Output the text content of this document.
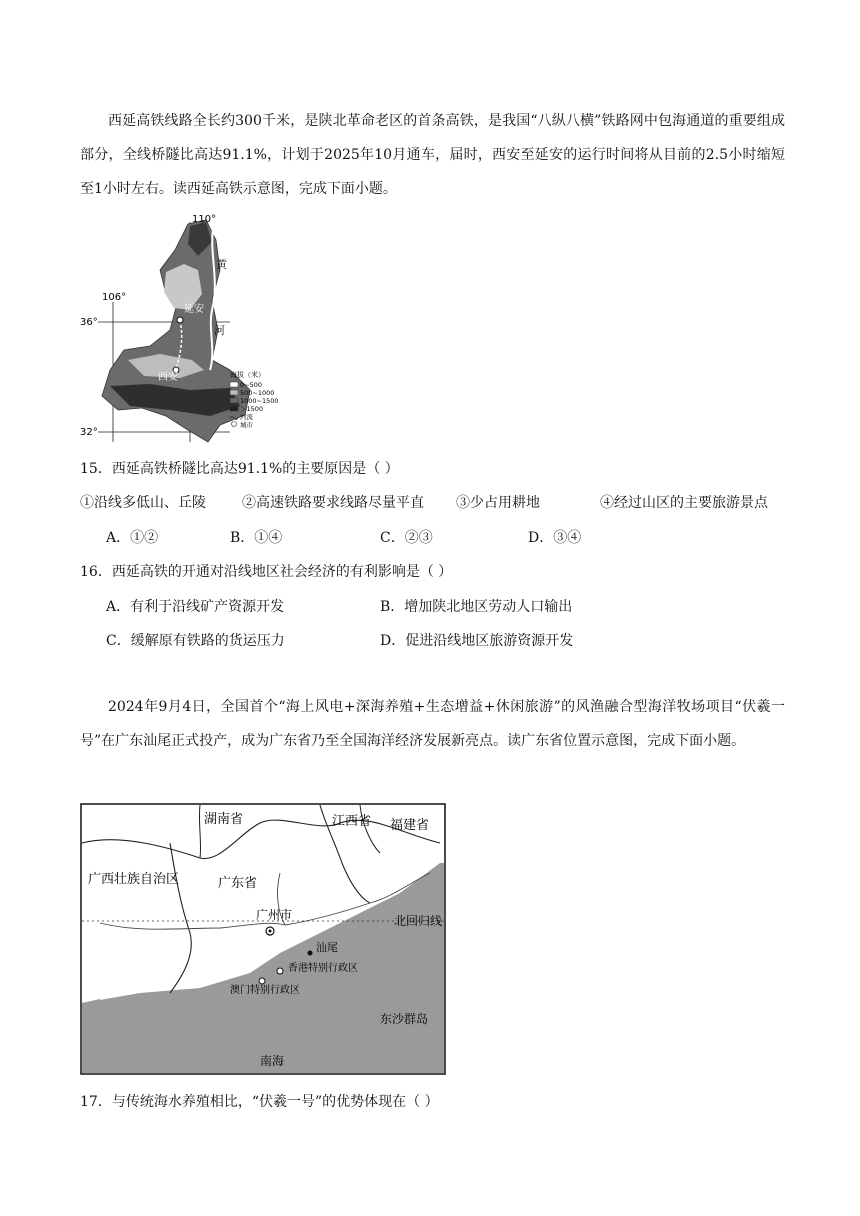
西延高铁线路全长约300千米，是陕北革命老区的首条高铁，是我国“八纵八横”铁路网中包海通道的重要组成部分，全线桥隧比高达91.1%，计划于2025年10月通车，届时，西安至延安的运行时间将从目前的2.5小时缩短至1小时左右。读西延高铁示意图，完成下面小题。

110°
106°
36°
32°
黄
河
延安
西安	海拔（米）
0~500
500~1000
1000~1500
＞1500
河流
城市

15．西延高铁桥隧比高达91.1%的主要原因是（ ）

①沿线多低山、丘陵	②高速铁路要求线路尽量平直 ③少占用耕地	④经过山区的主要旅游景点

A．①②	B．①④	C．②③	D．③④

16．西延高铁的开通对沿线地区社会经济的有利影响是（ ）

A．有利于沿线矿产资源开发	B．增加陕北地区劳动人口输出

C．缓解原有铁路的货运压力	D．促进沿线地区旅游资源开发

2024年9月4日，全国首个“海上风电+深海养殖+生态增益+休闲旅游”的风渔融合型海洋牧场项目“伏羲一号”在广东汕尾正式投产，成为广东省乃至全国海洋经济发展新亮点。读广东省位置示意图，完成下面小题。

湖南省	江西省 福建省
广西壮族自治区	广东省
广州市
汕尾
香港特别行政区
澳门特别行政区
北回归线
东沙群岛
南海

17．与传统海水养殖相比，“伏羲一号”的优势体现在（ ）
